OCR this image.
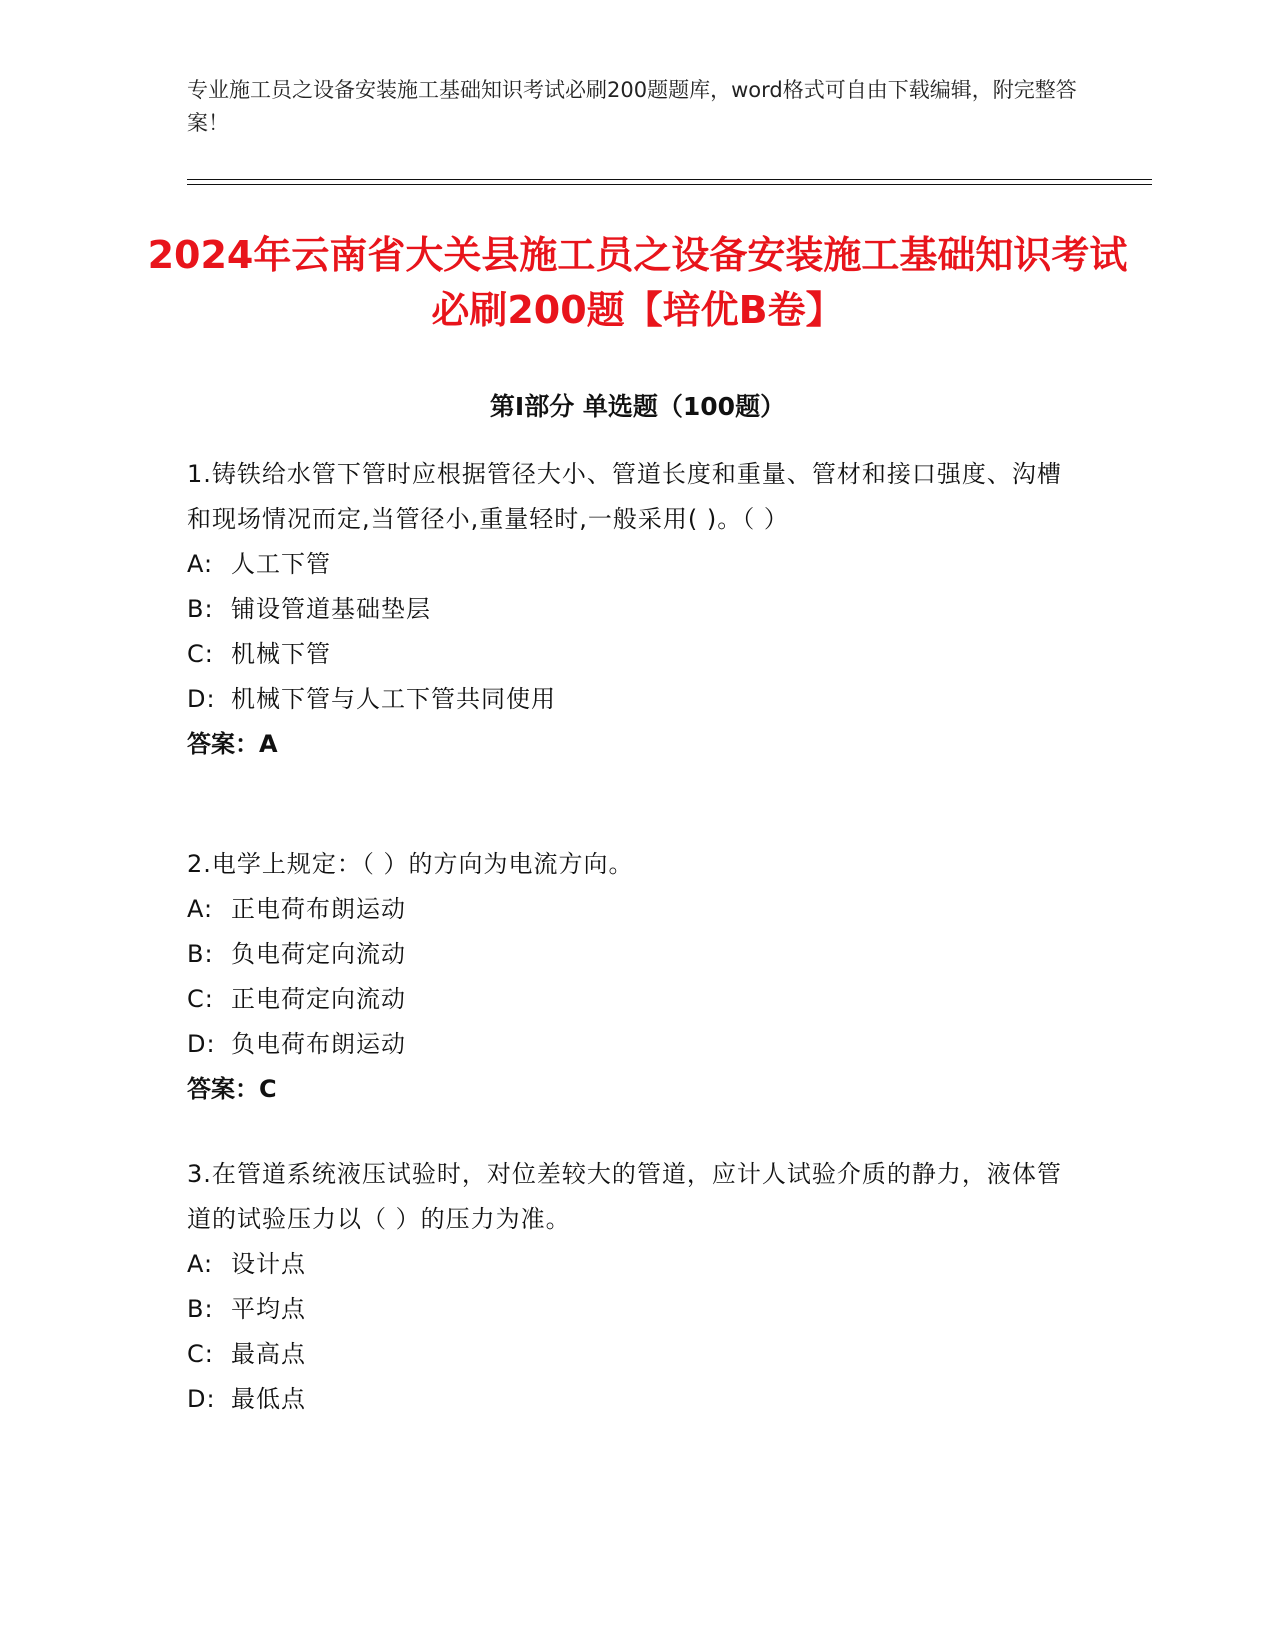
专业施工员之设备安装施工基础知识考试必刷200题题库，word格式可自由下载编辑，附完整答案！
2024年云南省大关县施工员之设备安装施工基础知识考试必刷200题【培优B卷】
第I部分 单选题（100题）
1.铸铁给水管下管时应根据管径大小、管道长度和重量、管材和接口强度、沟槽和现场情况而定,当管径小,重量轻时,一般采用( )。（ ）
A: 人工下管
B: 铺设管道基础垫层
C: 机械下管
D: 机械下管与人工下管共同使用
答案：A
2.电学上规定：（ ）的方向为电流方向。
A: 正电荷布朗运动
B: 负电荷定向流动
C: 正电荷定向流动
D: 负电荷布朗运动
答案：C
3.在管道系统液压试验时，对位差较大的管道，应计人试验介质的静力，液体管道的试验压力以（ ）的压力为准。
A: 设计点
B: 平均点
C: 最高点
D: 最低点
